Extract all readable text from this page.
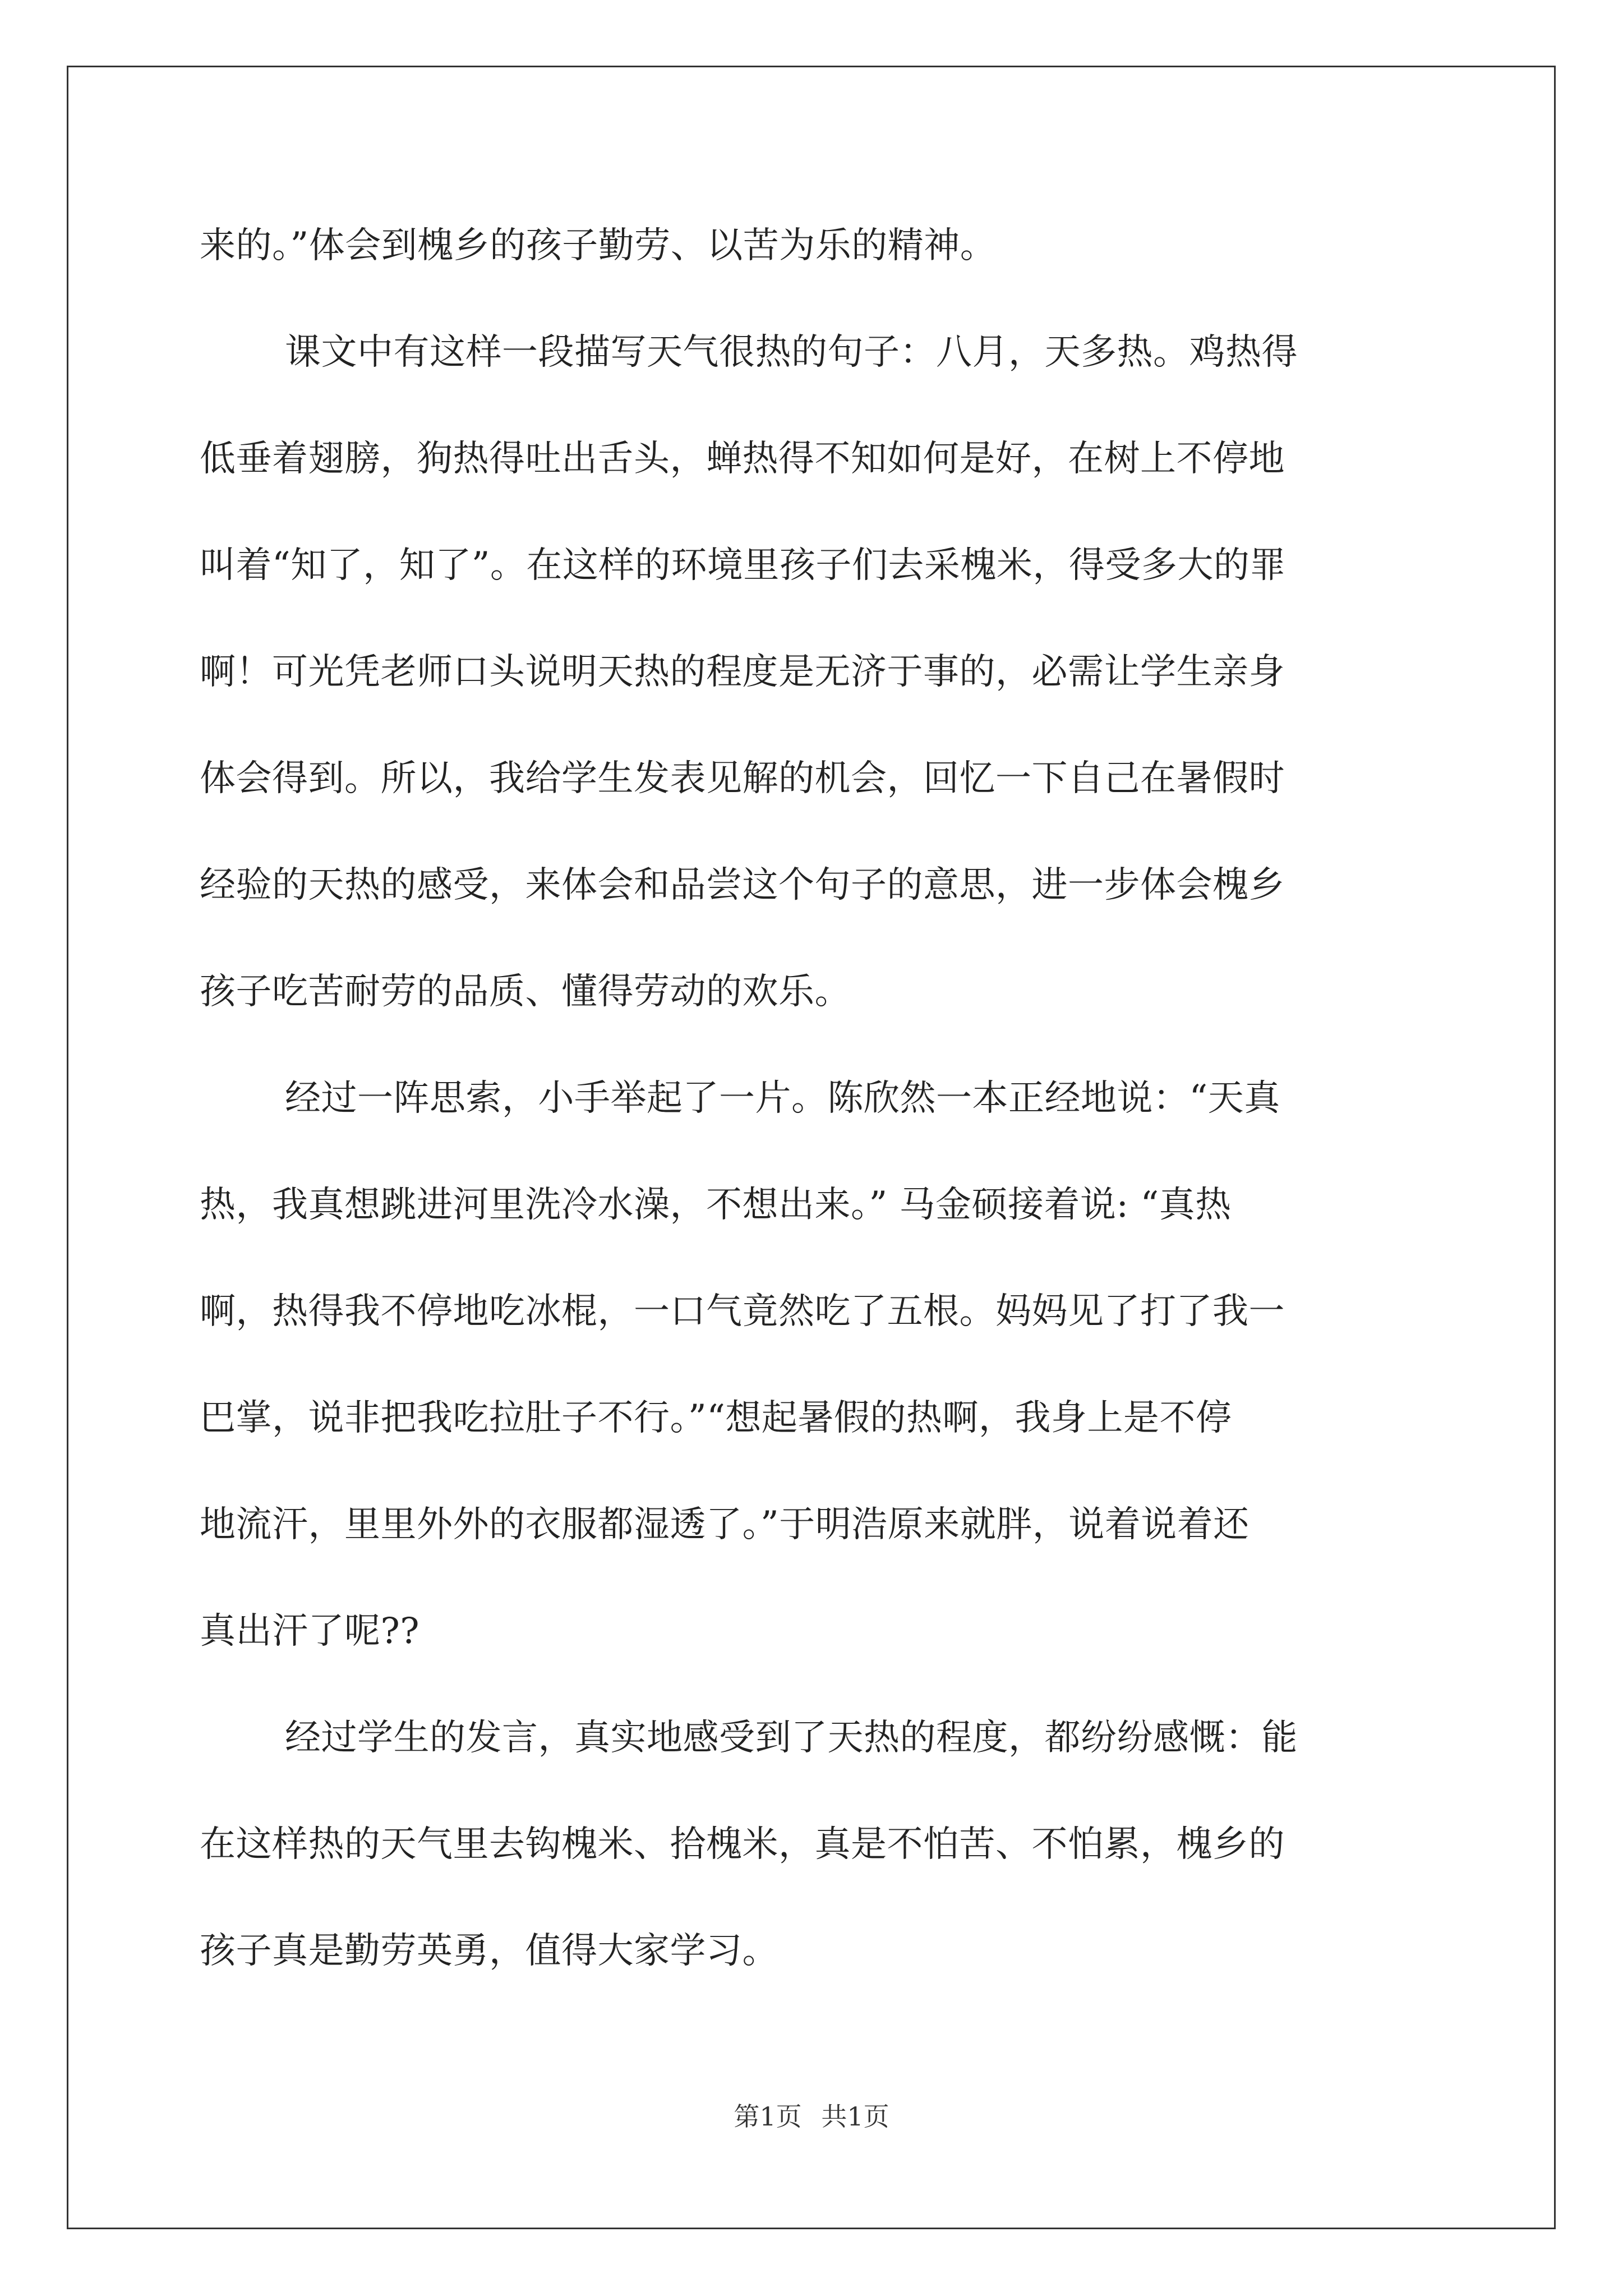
来的。”体会到槐乡的孩子勤劳、以苦为乐的精神。
课文中有这样一段描写天气很热的句子：八月，天多热。鸡热得
低垂着翅膀，狗热得吐出舌头，蝉热得不知如何是好，在树上不停地
叫着“知了，知了”。在这样的环境里孩子们去采槐米，得受多大的罪
啊！可光凭老师口头说明天热的程度是无济于事的，必需让学生亲身
体会得到。所以，我给学生发表见解的机会，回忆一下自己在暑假时
经验的天热的感受，来体会和品尝这个句子的意思，进一步体会槐乡
孩子吃苦耐劳的品质、懂得劳动的欢乐。
经过一阵思索，小手举起了一片。陈欣然一本正经地说：“天真
热，我真想跳进河里洗冷水澡，不想出来。” 马金硕接着说: “真热
啊，热得我不停地吃冰棍，一口气竟然吃了五根。妈妈见了打了我一
巴掌，说非把我吃拉肚子不行。”“想起暑假的热啊，我身上是不停
地流汗，里里外外的衣服都湿透了。”于明浩原来就胖，说着说着还
真出汗了呢??
经过学生的发言，真实地感受到了天热的程度，都纷纷感慨：能
在这样热的天气里去钩槐米、拾槐米，真是不怕苦、不怕累，槐乡的
孩子真是勤劳英勇，值得大家学习。
第1页 共1页
